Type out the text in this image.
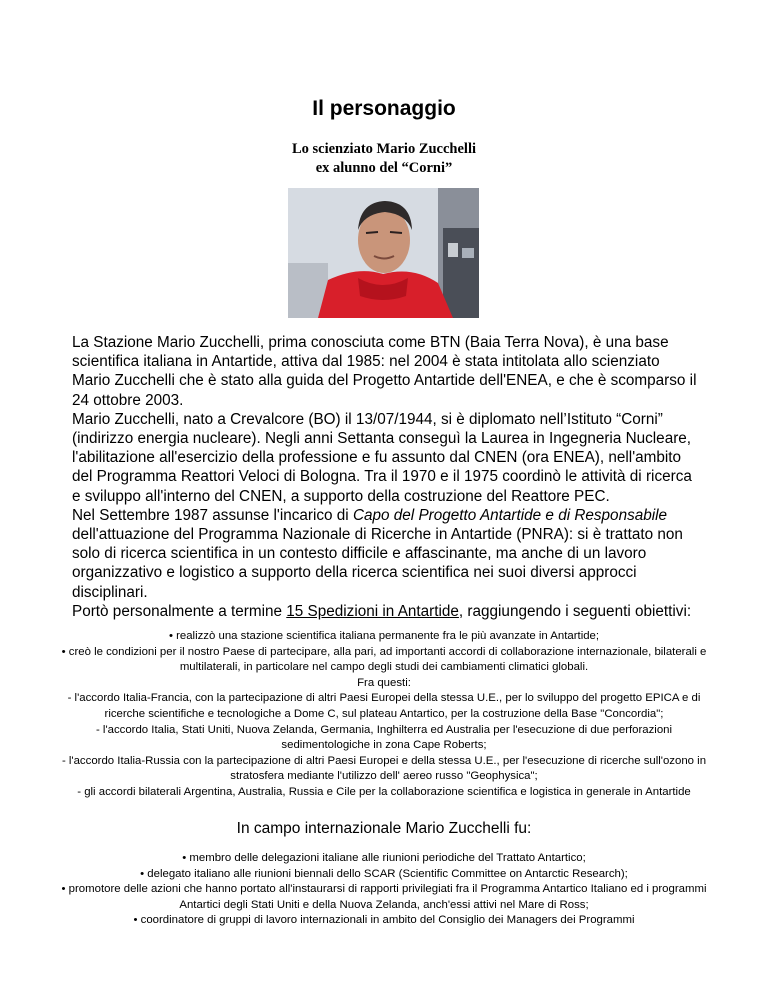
Il personaggio
Lo scienziato Mario Zucchelli
ex alunno del “Corni”

La Stazione Mario Zucchelli, prima conosciuta come BTN (Baia Terra Nova), è una base scientifica italiana in Antartide, attiva dal 1985: nel 2004 è stata intitolata allo scienziato Mario Zucchelli che è stato alla guida del Progetto Antartide dell'ENEA, e che è scomparso il 24 ottobre 2003.

Mario Zucchelli, nato a Crevalcore (BO) il 13/07/1944, si è diplomato nell’Istituto “Corni” (indirizzo energia nucleare). Negli anni Settanta conseguì la Laurea in Ingegneria Nucleare, l'abilitazione all'esercizio della professione e fu assunto dal CNEN (ora ENEA), nell'ambito del Programma Reattori Veloci di Bologna. Tra il 1970 e il 1975 coordinò le attività di ricerca e sviluppo all'interno del CNEN, a supporto della costruzione del Reattore PEC.

Nel Settembre 1987 assunse l'incarico di Capo del Progetto Antartide e di Responsabile dell'attuazione del Programma Nazionale di Ricerche in Antartide (PNRA): si è trattato non solo di ricerca scientifica in un contesto difficile e affascinante, ma anche di un lavoro organizzativo e logistico a supporto della ricerca scientifica nei suoi diversi approcci disciplinari.

Portò personalmente a termine 15 Spedizioni in Antartide, raggiungendo i seguenti obiettivi:

• realizzò una stazione scientifica italiana permanente fra le più avanzate in Antartide;
• creò le condizioni per il nostro Paese di partecipare, alla pari, ad importanti accordi di collaborazione internazionale, bilaterali e multilaterali, in particolare nel campo degli studi dei cambiamenti climatici globali.
Fra questi:
- l'accordo Italia-Francia, con la partecipazione di altri Paesi Europei della stessa U.E., per lo sviluppo del progetto EPICA e di ricerche scientifiche e tecnologiche a Dome C, sul plateau Antartico, per la costruzione della Base "Concordia";
- l'accordo Italia, Stati Uniti, Nuova Zelanda, Germania, Inghilterra ed Australia per l'esecuzione di due perforazioni sedimentologiche in zona Cape Roberts;
- l'accordo Italia-Russia con la partecipazione di altri Paesi Europei e della stessa U.E., per l'esecuzione di ricerche sull'ozono in stratosfera mediante l'utilizzo dell' aereo russo "Geophysica";
- gli accordi bilaterali Argentina, Australia, Russia e Cile per la collaborazione scientifica e logistica in generale in Antartide
In campo internazionale Mario Zucchelli fu:
• membro delle delegazioni italiane alle riunioni periodiche del Trattato Antartico;
• delegato italiano alle riunioni biennali dello SCAR (Scientific Committee on Antarctic Research);
• promotore delle azioni che hanno portato all'instaurarsi di rapporti privilegiati fra il Programma Antartico Italiano ed i programmi Antartici degli Stati Uniti e della Nuova Zelanda, anch'essi attivi nel Mare di Ross;
• coordinatore di gruppi di lavoro internazionali in ambito del Consiglio dei Managers dei Programmi
